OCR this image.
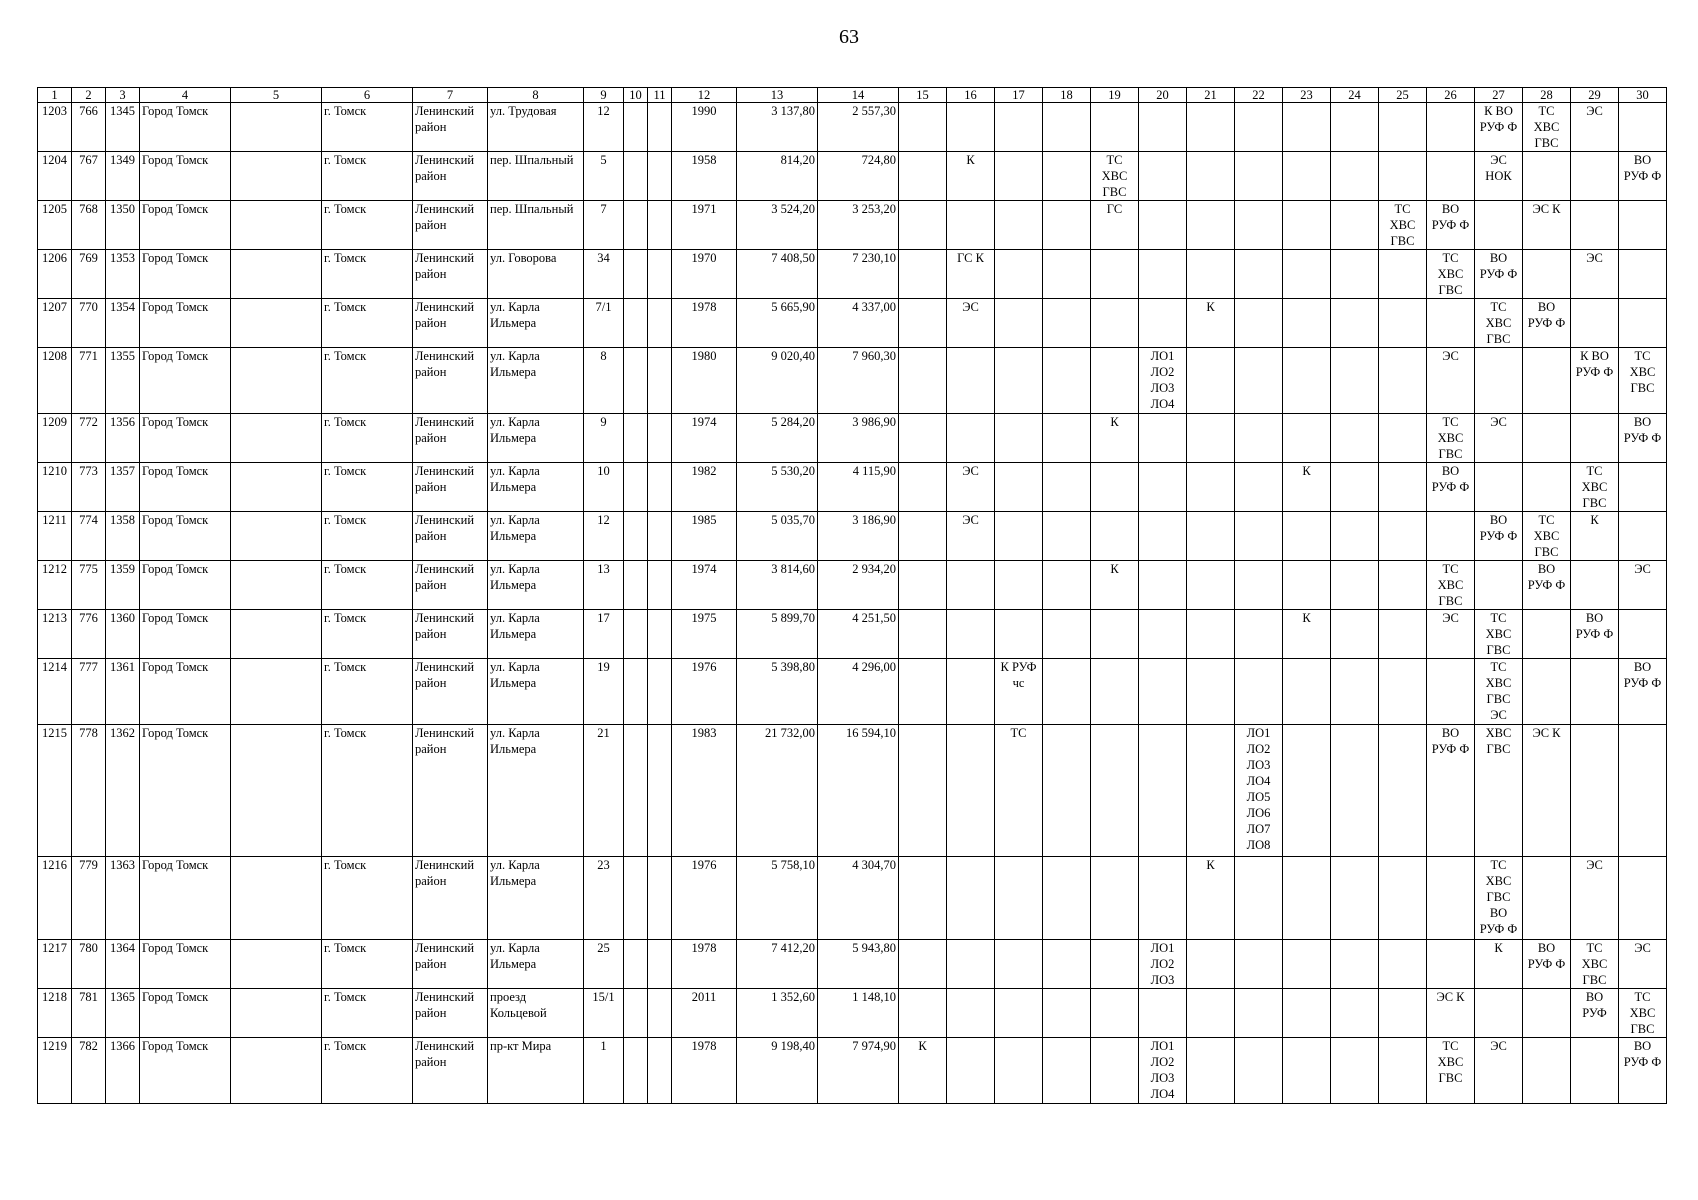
63
1	2	3	4	5	6	7	8	9	10	11	12	13	14	15	16	17	18	19	20	21	22	23	24	25	26	27	28	29	30
1203	766	1345	Город Томск		г. Томск	Ленинский район	ул. Трудовая	12			1990	3 137,80	2 557,30													К ВО РУФ Ф	ТС ХВС ГВС	ЭС	
1204	767	1349	Город Томск		г. Томск	Ленинский район	пер. Шпальный	5			1958	814,20	724,80		К			ТС ХВС ГВС								ЭС НОК			ВО РУФ Ф
1205	768	1350	Город Томск		г. Томск	Ленинский район	пер. Шпальный	7			1971	3 524,20	3 253,20					ГС						ТС ХВС ГВС	ВО РУФ Ф		ЭС К		
1206	769	1353	Город Томск		г. Томск	Ленинский район	ул. Говорова	34			1970	7 408,50	7 230,10		ГС К										ТС ХВС ГВС	ВО РУФ Ф		ЭС	
1207	770	1354	Город Томск		г. Томск	Ленинский район	ул. Карла Ильмера	7/1			1978	5 665,90	4 337,00		ЭС					К						ТС ХВС ГВС	ВО РУФ Ф		
1208	771	1355	Город Томск		г. Томск	Ленинский район	ул. Карла Ильмера	8			1980	9 020,40	7 960,30						ЛО1 ЛО2 ЛО3 ЛО4						ЭС			К ВО РУФ Ф	ТС ХВС ГВС
1209	772	1356	Город Томск		г. Томск	Ленинский район	ул. Карла Ильмера	9			1974	5 284,20	3 986,90					К							ТС ХВС ГВС	ЭС			ВО РУФ Ф
1210	773	1357	Город Томск		г. Томск	Ленинский район	ул. Карла Ильмера	10			1982	5 530,20	4 115,90		ЭС							К			ВО РУФ Ф			ТС ХВС ГВС	
1211	774	1358	Город Томск		г. Томск	Ленинский район	ул. Карла Ильмера	12			1985	5 035,70	3 186,90		ЭС											ВО РУФ Ф	ТС ХВС ГВС	К	
1212	775	1359	Город Томск		г. Томск	Ленинский район	ул. Карла Ильмера	13			1974	3 814,60	2 934,20					К							ТС ХВС ГВС		ВО РУФ Ф		ЭС
1213	776	1360	Город Томск		г. Томск	Ленинский район	ул. Карла Ильмера	17			1975	5 899,70	4 251,50									К			ЭС	ТС ХВС ГВС		ВО РУФ Ф	
1214	777	1361	Город Томск		г. Томск	Ленинский район	ул. Карла Ильмера	19			1976	5 398,80	4 296,00			К РУФ чс										ТС ХВС ГВС ЭС			ВО РУФ Ф
1215	778	1362	Город Томск		г. Томск	Ленинский район	ул. Карла Ильмера	21			1983	21 732,00	16 594,10			ТС					ЛО1 ЛО2 ЛО3 ЛО4 ЛО5 ЛО6 ЛО7 ЛО8				ВО РУФ Ф	ХВС ГВС	ЭС К		
1216	779	1363	Город Томск		г. Томск	Ленинский район	ул. Карла Ильмера	23			1976	5 758,10	4 304,70							К						ТС ХВС ГВС ВО РУФ Ф		ЭС	
1217	780	1364	Город Томск		г. Томск	Ленинский район	ул. Карла Ильмера	25			1978	7 412,20	5 943,80						ЛО1 ЛО2 ЛО3							К	ВО РУФ Ф	ТС ХВС ГВС	ЭС
1218	781	1365	Город Томск		г. Томск	Ленинский район	проезд Кольцевой	15/1			2011	1 352,60	1 148,10												ЭС К			ВО РУФ	ТС ХВС ГВС
1219	782	1366	Город Томск		г. Томск	Ленинский район	пр-кт Мира	1			1978	9 198,40	7 974,90	К					ЛО1 ЛО2 ЛО3 ЛО4						ТС ХВС ГВС	ЭС			ВО РУФ Ф
